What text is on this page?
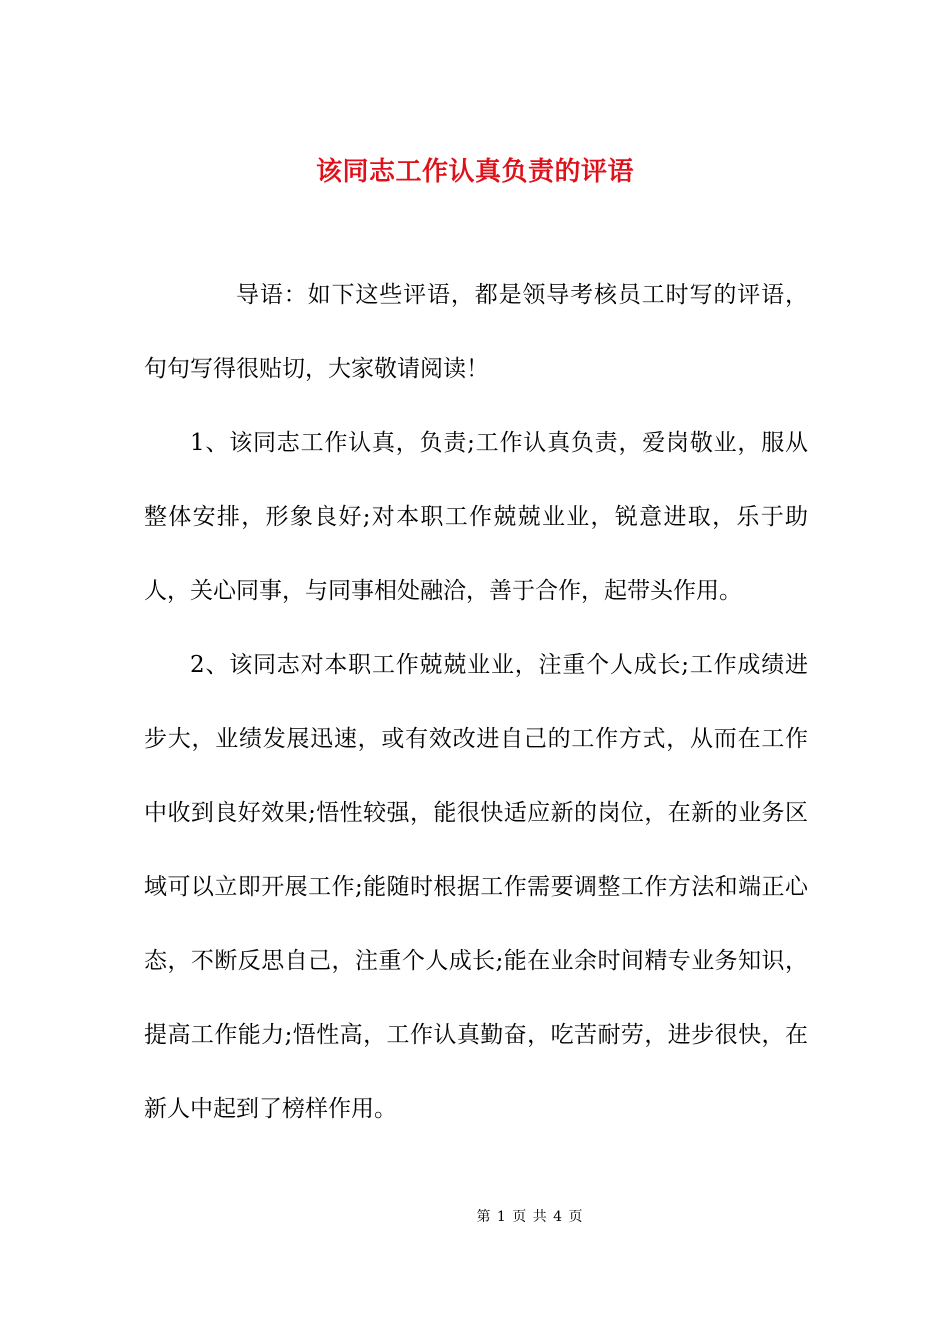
该同志工作认真负责的评语

导语：如下这些评语，都是领导考核员工时写的评语，句句写得很贴切，大家敬请阅读！

1、该同志工作认真，负责;工作认真负责，爱岗敬业，服从整体安排，形象良好;对本职工作兢兢业业，锐意进取，乐于助人，关心同事，与同事相处融洽，善于合作，起带头作用。

2、该同志对本职工作兢兢业业，注重个人成长;工作成绩进步大，业绩发展迅速，或有效改进自己的工作方式，从而在工作中收到良好效果;悟性较强，能很快适应新的岗位，在新的业务区域可以立即开展工作;能随时根据工作需要调整工作方法和端正心态，不断反思自己，注重个人成长;能在业余时间精专业务知识，提高工作能力;悟性高，工作认真勤奋，吃苦耐劳，进步很快，在新人中起到了榜样作用。

第 1 页 共 4 页
